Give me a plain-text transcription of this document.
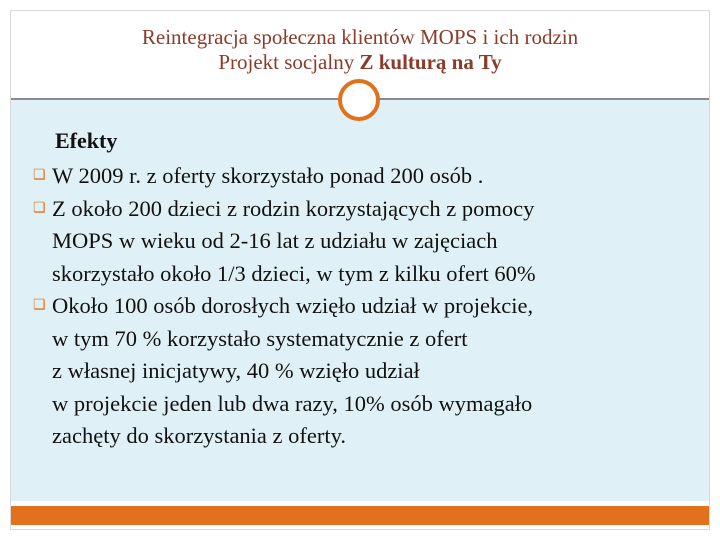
Reintegracja społeczna klientów MOPS i ich rodzin
Projekt socjalny Z kulturą na Ty
Efekty
❏ W 2009 r. z oferty skorzystało ponad 200 osób .
❏ Z około 200 dzieci z rodzin korzystających z pomocy
MOPS w wieku od 2-16 lat z udziału w zajęciach
skorzystało około 1/3 dzieci, w tym z kilku ofert 60%
❏ Około 100 osób dorosłych wzięło udział w projekcie,
w tym 70 % korzystało systematycznie z ofert
z własnej inicjatywy, 40 % wzięło udział
w projekcie jeden lub dwa razy, 10% osób wymagało
zachęty do skorzystania z oferty.
